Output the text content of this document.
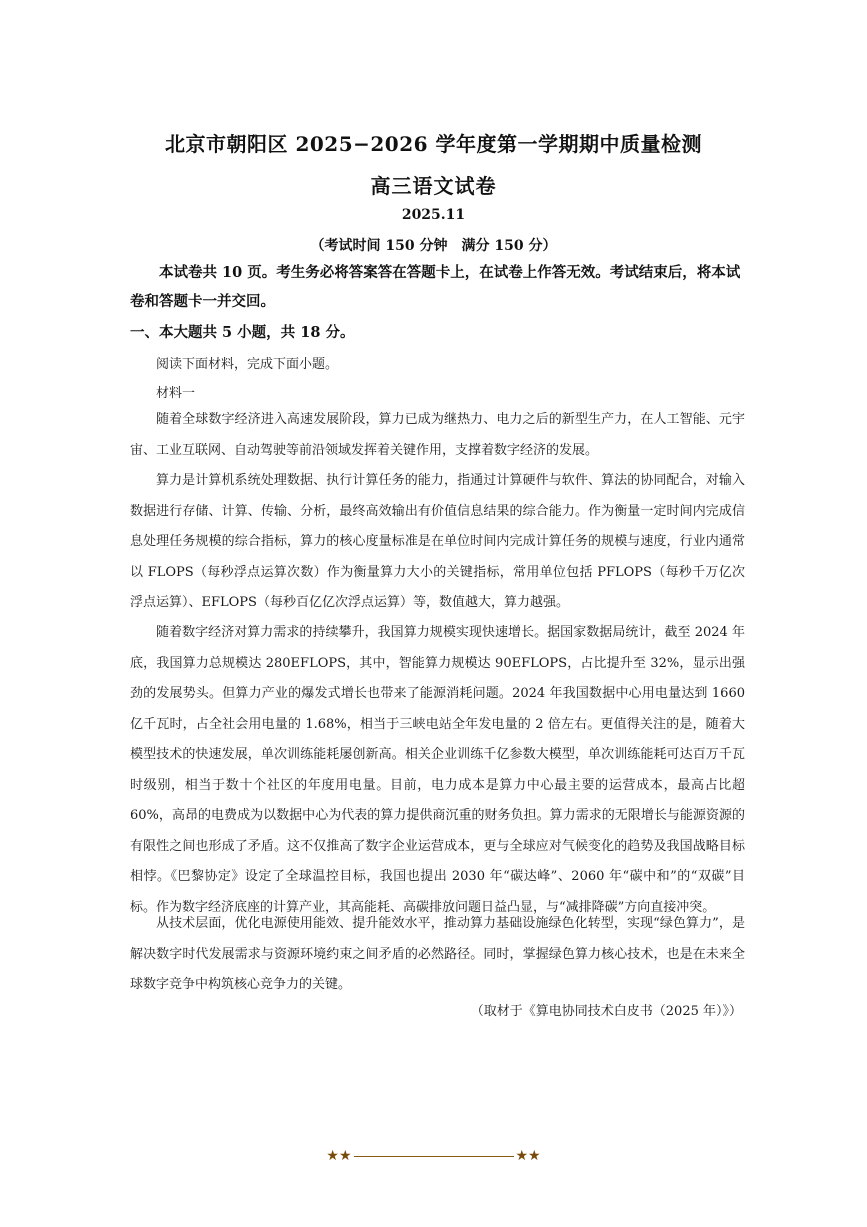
北京市朝阳区 2025−2026 学年度第一学期期中质量检测
高三语文试卷
2025.11
（考试时间 150 分钟　满分 150 分）
本试卷共 10 页。考生务必将答案答在答题卡上，在试卷上作答无效。考试结束后，将本试卷和答题卡一并交回。
一、本大题共 5 小题，共 18 分。
阅读下面材料，完成下面小题。
材料一
随着全球数字经济进入高速发展阶段，算力已成为继热力、电力之后的新型生产力，在人工智能、元宇宙、工业互联网、自动驾驶等前沿领域发挥着关键作用，支撑着数字经济的发展。
算力是计算机系统处理数据、执行计算任务的能力，指通过计算硬件与软件、算法的协同配合，对输入数据进行存储、计算、传输、分析，最终高效输出有价值信息结果的综合能力。作为衡量一定时间内完成信息处理任务规模的综合指标，算力的核心度量标准是在单位时间内完成计算任务的规模与速度，行业内通常以 FLOPS（每秒浮点运算次数）作为衡量算力大小的关键指标，常用单位包括 PFLOPS（每秒千万亿次浮点运算）、EFLOPS（每秒百亿亿次浮点运算）等，数值越大，算力越强。
随着数字经济对算力需求的持续攀升，我国算力规模实现快速增长。据国家数据局统计，截至 2024 年底，我国算力总规模达 280EFLOPS，其中，智能算力规模达 90EFLOPS，占比提升至 32%，显示出强劲的发展势头。但算力产业的爆发式增长也带来了能源消耗问题。2024 年我国数据中心用电量达到 1660 亿千瓦时，占全社会用电量的 1.68%，相当于三峡电站全年发电量的 2 倍左右。更值得关注的是，随着大模型技术的快速发展，单次训练能耗屡创新高。相关企业训练千亿参数大模型，单次训练能耗可达百万千瓦时级别，相当于数十个社区的年度用电量。目前，电力成本是算力中心最主要的运营成本，最高占比超 60%，高昂的电费成为以数据中心为代表的算力提供商沉重的财务负担。算力需求的无限增长与能源资源的有限性之间也形成了矛盾。这不仅推高了数字企业运营成本，更与全球应对气候变化的趋势及我国战略目标相悖。《巴黎协定》设定了全球温控目标，我国也提出 2030 年“碳达峰”、2060 年“碳中和”的“双碳”目标。作为数字经济底座的计算产业，其高能耗、高碳排放问题日益凸显，与“减排降碳”方向直接冲突。
从技术层面，优化电源使用能效、提升能效水平，推动算力基础设施绿色化转型，实现“绿色算力”，是解决数字时代发展需求与资源环境约束之间矛盾的必然路径。同时，掌握绿色算力核心技术，也是在未来全球数字竞争中构筑核心竞争力的关键。
（取材于《算电协同技术白皮书（2025 年）》）
★★	★★
